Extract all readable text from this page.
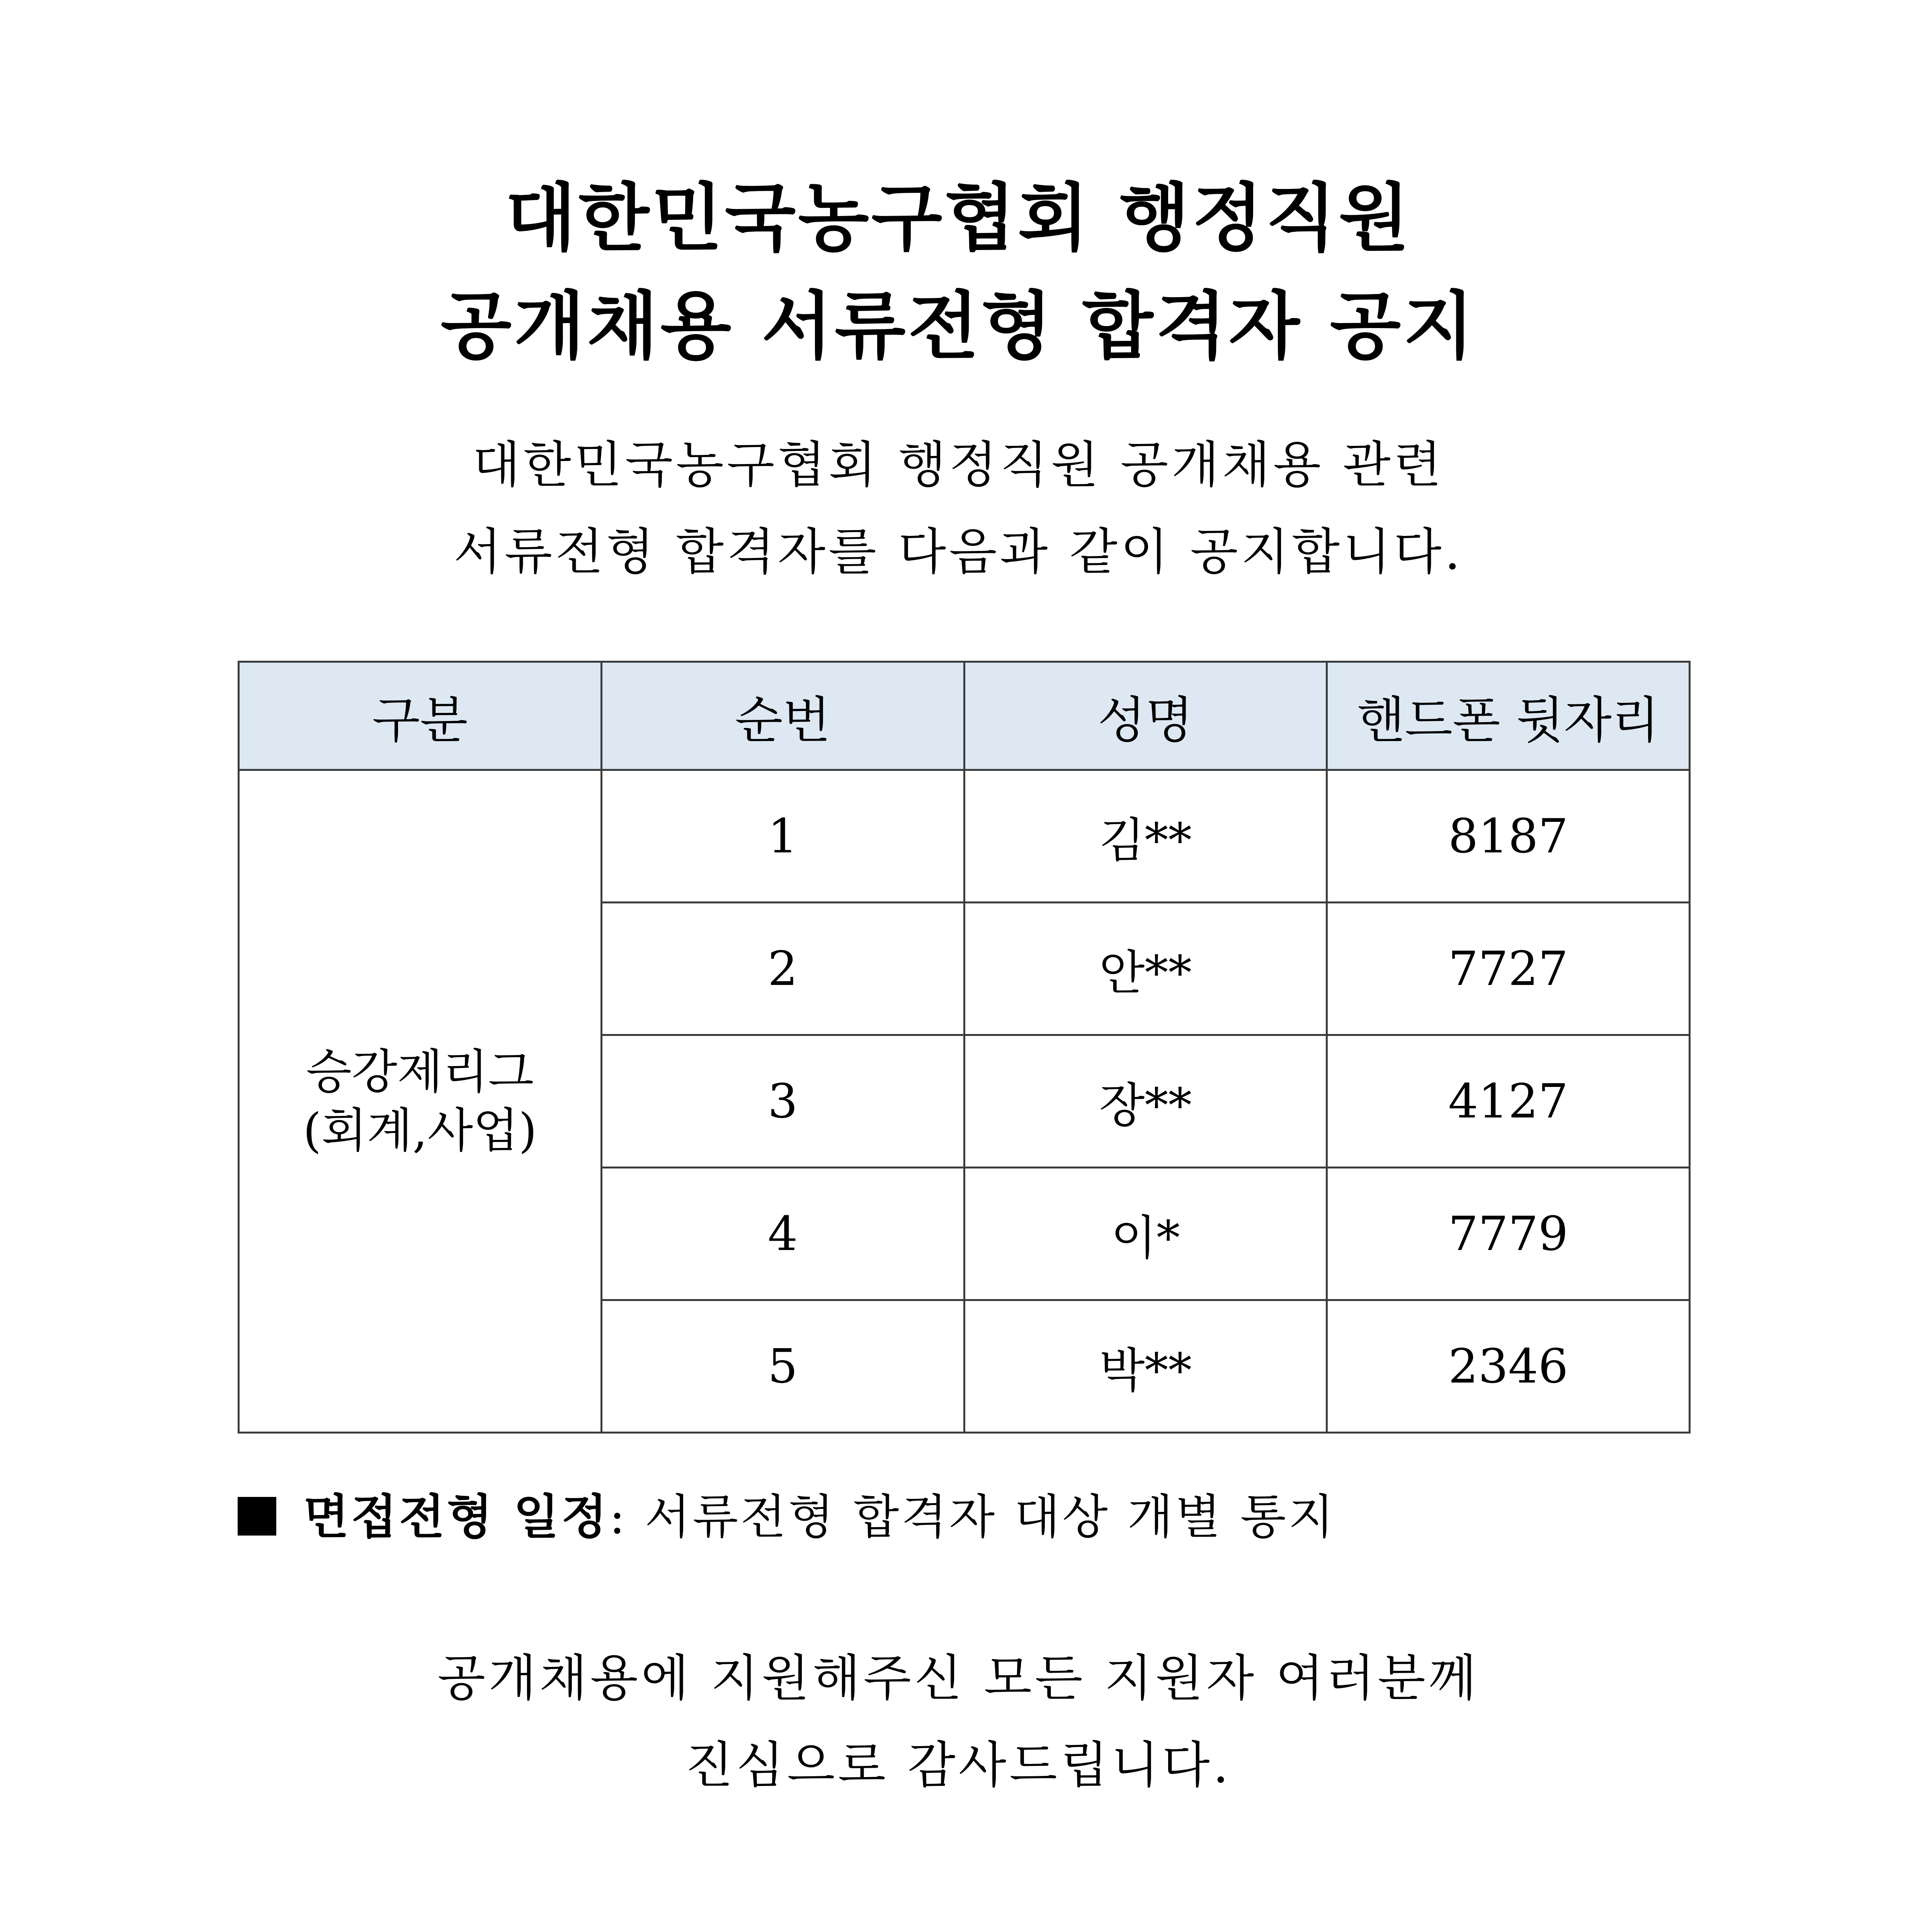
대한민국농구협회 행정직원
공개채용 서류전형 합격자 공지
대한민국농구협회 행정직원 공개채용 관련
서류전형 합격자를 다음과 같이 공지합니다.
구분	순번	성명	핸드폰 뒷자리

승강제리그
(회계,사업)	1	김**	8187
	2	안**	7727
	3	장**	4127
	4	이*	7779
	5	박**	2346
면접전형 일정: 서류전형 합격자 대상 개별 통지
공개채용에 지원해주신 모든 지원자 여러분께
진심으로 감사드립니다.
